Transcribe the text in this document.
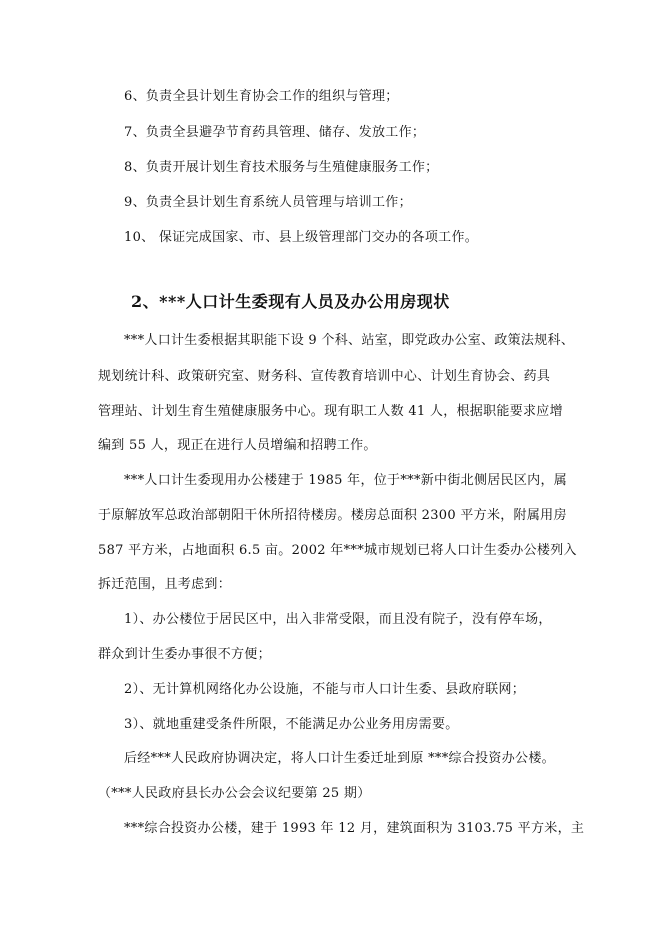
6、负责全县计划生育协会工作的组织与管理；
7、负责全县避孕节育药具管理、储存、发放工作；
8、负责开展计划生育技术服务与生殖健康服务工作；
9、负责全县计划生育系统人员管理与培训工作；
10、 保证完成国家、市、县上级管理部门交办的各项工作。
2、***人口计生委现有人员及办公用房现状
***人口计生委根据其职能下设 9 个科、站室，即党政办公室、政策法规科、
规划统计科、政策研究室、财务科、宣传教育培训中心、计划生育协会、药具
管理站、计划生育生殖健康服务中心。现有职工人数 41 人，根据职能要求应增
编到 55 人，现正在进行人员增编和招聘工作。
***人口计生委现用办公楼建于 1985 年，位于***新中街北侧居民区内，属
于原解放军总政治部朝阳干休所招待楼房。楼房总面积 2300 平方米，附属用房
587 平方米，占地面积 6.5 亩。2002 年***城市规划已将人口计生委办公楼列入
拆迁范围，且考虑到：
1）、办公楼位于居民区中，出入非常受限，而且没有院子，没有停车场，
群众到计生委办事很不方便；
2）、无计算机网络化办公设施，不能与市人口计生委、县政府联网；
3）、就地重建受条件所限，不能满足办公业务用房需要。
后经***人民政府协调决定，将人口计生委迁址到原 ***综合投资办公楼。
（***人民政府县长办公会会议纪要第 25 期）
***综合投资办公楼，建于 1993 年 12 月，建筑面积为 3103.75 平方米，主
